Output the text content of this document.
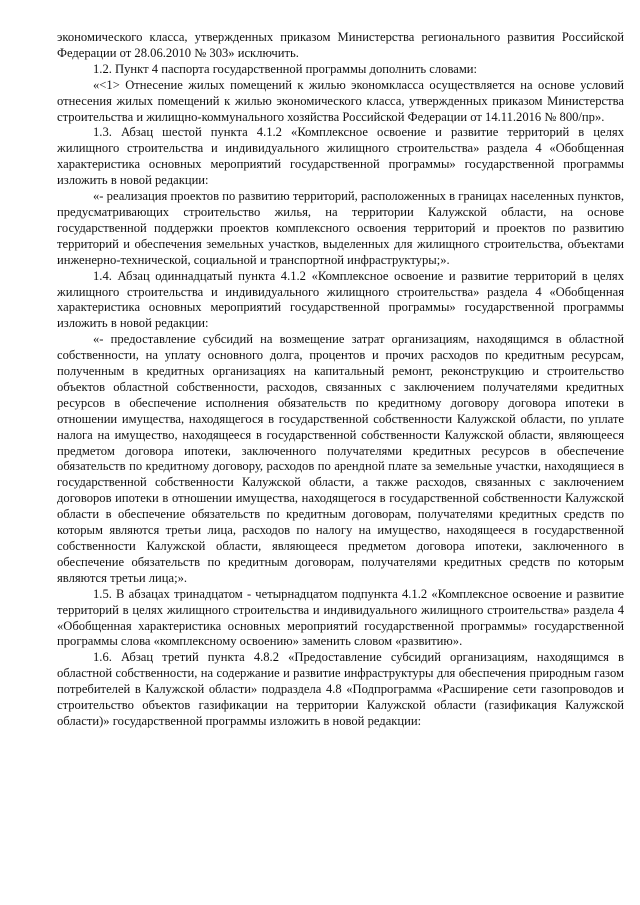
экономического класса, утвержденных приказом Министерства регионального развития Российской Федерации от 28.06.2010 № 303» исключить.

1.2. Пункт 4 паспорта государственной программы дополнить словами:

«<1> Отнесение жилых помещений к жилью экономкласса осуществляется на основе условий отнесения жилых помещений к жилью экономического класса, утвержденных приказом Министерства строительства и жилищно-коммунального хозяйства Российской Федерации от 14.11.2016 № 800/пр».

1.3. Абзац шестой пункта 4.1.2 «Комплексное освоение и развитие территорий в целях жилищного строительства и индивидуального жилищного строительства» раздела 4 «Обобщенная характеристика основных мероприятий государственной программы» государственной программы изложить в новой редакции:

«- реализация проектов по развитию территорий, расположенных в границах населенных пунктов, предусматривающих строительство жилья, на территории Калужской области, на основе государственной поддержки проектов комплексного освоения территорий и проектов по развитию территорий и обеспечения земельных участков, выделенных для жилищного строительства, объектами инженерно-технической, социальной и транспортной инфраструктуры;».

1.4. Абзац одиннадцатый пункта 4.1.2 «Комплексное освоение и развитие территорий в целях жилищного строительства и индивидуального жилищного строительства» раздела 4 «Обобщенная характеристика основных мероприятий государственной программы» государственной программы изложить в новой редакции:

«- предоставление субсидий на возмещение затрат организациям, находящимся в областной собственности, на уплату основного долга, процентов и прочих расходов по кредитным ресурсам, полученным в кредитных организациях на капитальный ремонт, реконструкцию и строительство объектов областной собственности, расходов, связанных с заключением получателями кредитных ресурсов в обеспечение исполнения обязательств по кредитному договору договора ипотеки в отношении имущества, находящегося в государственной собственности Калужской области, по уплате налога на имущество, находящееся в государственной собственности Калужской области, являющееся предметом договора ипотеки, заключенного получателями кредитных ресурсов в обеспечение обязательств по кредитному договору, расходов по арендной плате за земельные участки, находящиеся в государственной собственности Калужской области, а также расходов, связанных с заключением договоров ипотеки в отношении имущества, находящегося в государственной собственности Калужской области в обеспечение обязательств по кредитным договорам, получателями кредитных средств по которым являются третьи лица, расходов по налогу на имущество, находящееся в государственной собственности Калужской области, являющееся предметом договора ипотеки, заключенного в обеспечение обязательств по кредитным договорам, получателями кредитных средств по которым являются третьи лица;».

1.5. В абзацах тринадцатом - четырнадцатом подпункта 4.1.2 «Комплексное освоение и развитие территорий в целях жилищного строительства и индивидуального жилищного строительства» раздела 4 «Обобщенная характеристика основных мероприятий государственной программы» государственной программы слова «комплексному освоению» заменить словом «развитию».

1.6. Абзац третий пункта 4.8.2 «Предоставление субсидий организациям, находящимся в областной собственности, на содержание и развитие инфраструктуры для обеспечения природным газом потребителей в Калужской области» подраздела 4.8 «Подпрограмма «Расширение сети газопроводов и строительство объектов газификации на территории Калужской области (газификация Калужской области)» государственной программы изложить в новой редакции:
